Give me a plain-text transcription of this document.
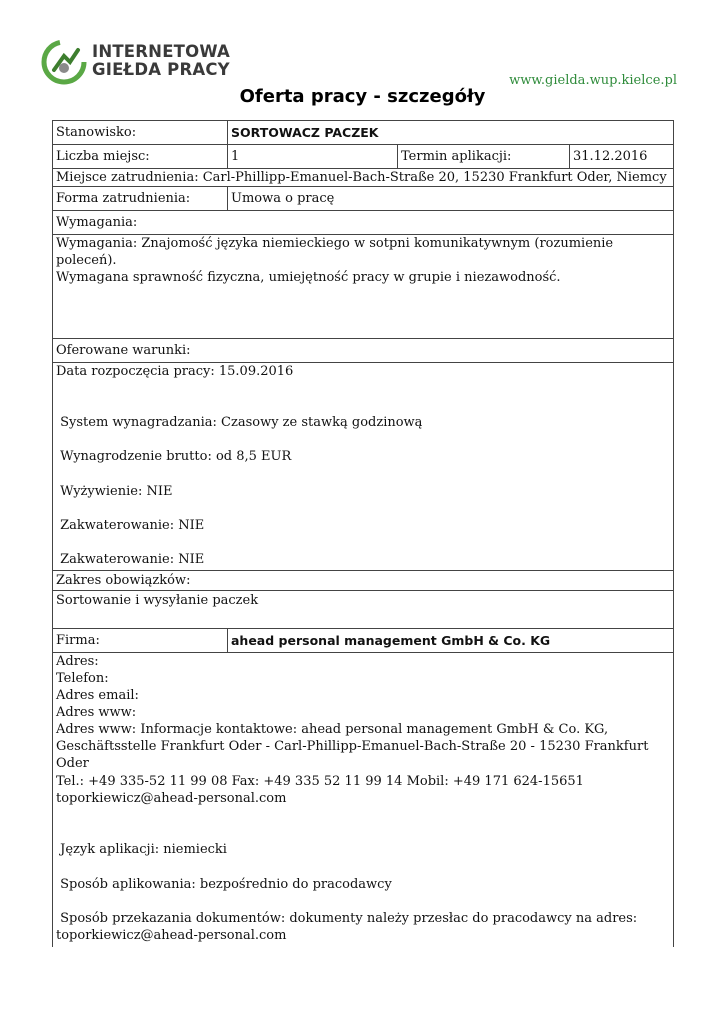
INTERNETOWA
GIEŁDA PRACY
www.gielda.wup.kielce.pl
Oferta pracy - szczegóły
Stanowisko:	SORTOWACZ PACZEK
Liczba miejsc:	1	Termin aplikacji:	31.12.2016
Miejsce zatrudnienia: Carl-Phillipp-Emanuel-Bach-Straße 20, 15230 Frankfurt Oder, Niemcy
Forma zatrudnienia:	Umowa o pracę
Wymagania:

Wymagania: Znajomość języka niemieckiego w sotpni komunikatywnym (rozumienie poleceń).

Wymagana sprawność fizyczna, umiejętność pracy w grupie i niezawodność.

Oferowane warunki:
Data rozpoczęcia pracy: 15.09.2016
System wynagradzania: Czasowy ze stawką godzinową
Wynagrodzenie brutto: od 8,5 EUR
Wyżywienie: NIE
Zakwaterowanie: NIE
Zakwaterowanie: NIE
Zakres obowiązków:
Sortowanie i wysyłanie paczek
Firma:	ahead personal management GmbH & Co. KG
Adres:
Telefon:
Adres email:
Adres www:
Adres www: Informacje kontaktowe: ahead personal management GmbH & Co. KG,
Geschäftsstelle Frankfurt Oder - Carl-Phillipp-Emanuel-Bach-Straße 20 - 15230 Frankfurt Oder
Tel.: +49 335-52 11 99 08 Fax: +49 335 52 11 99 14 Mobil: +49 171 624-15651
toporkiewicz@ahead-personal.com
Język aplikacji: niemiecki
Sposób aplikowania: bezpośrednio do pracodawcy
Sposób przekazania dokumentów: dokumenty należy przesłac do pracodawcy na adres:
toporkiewicz@ahead-personal.com
